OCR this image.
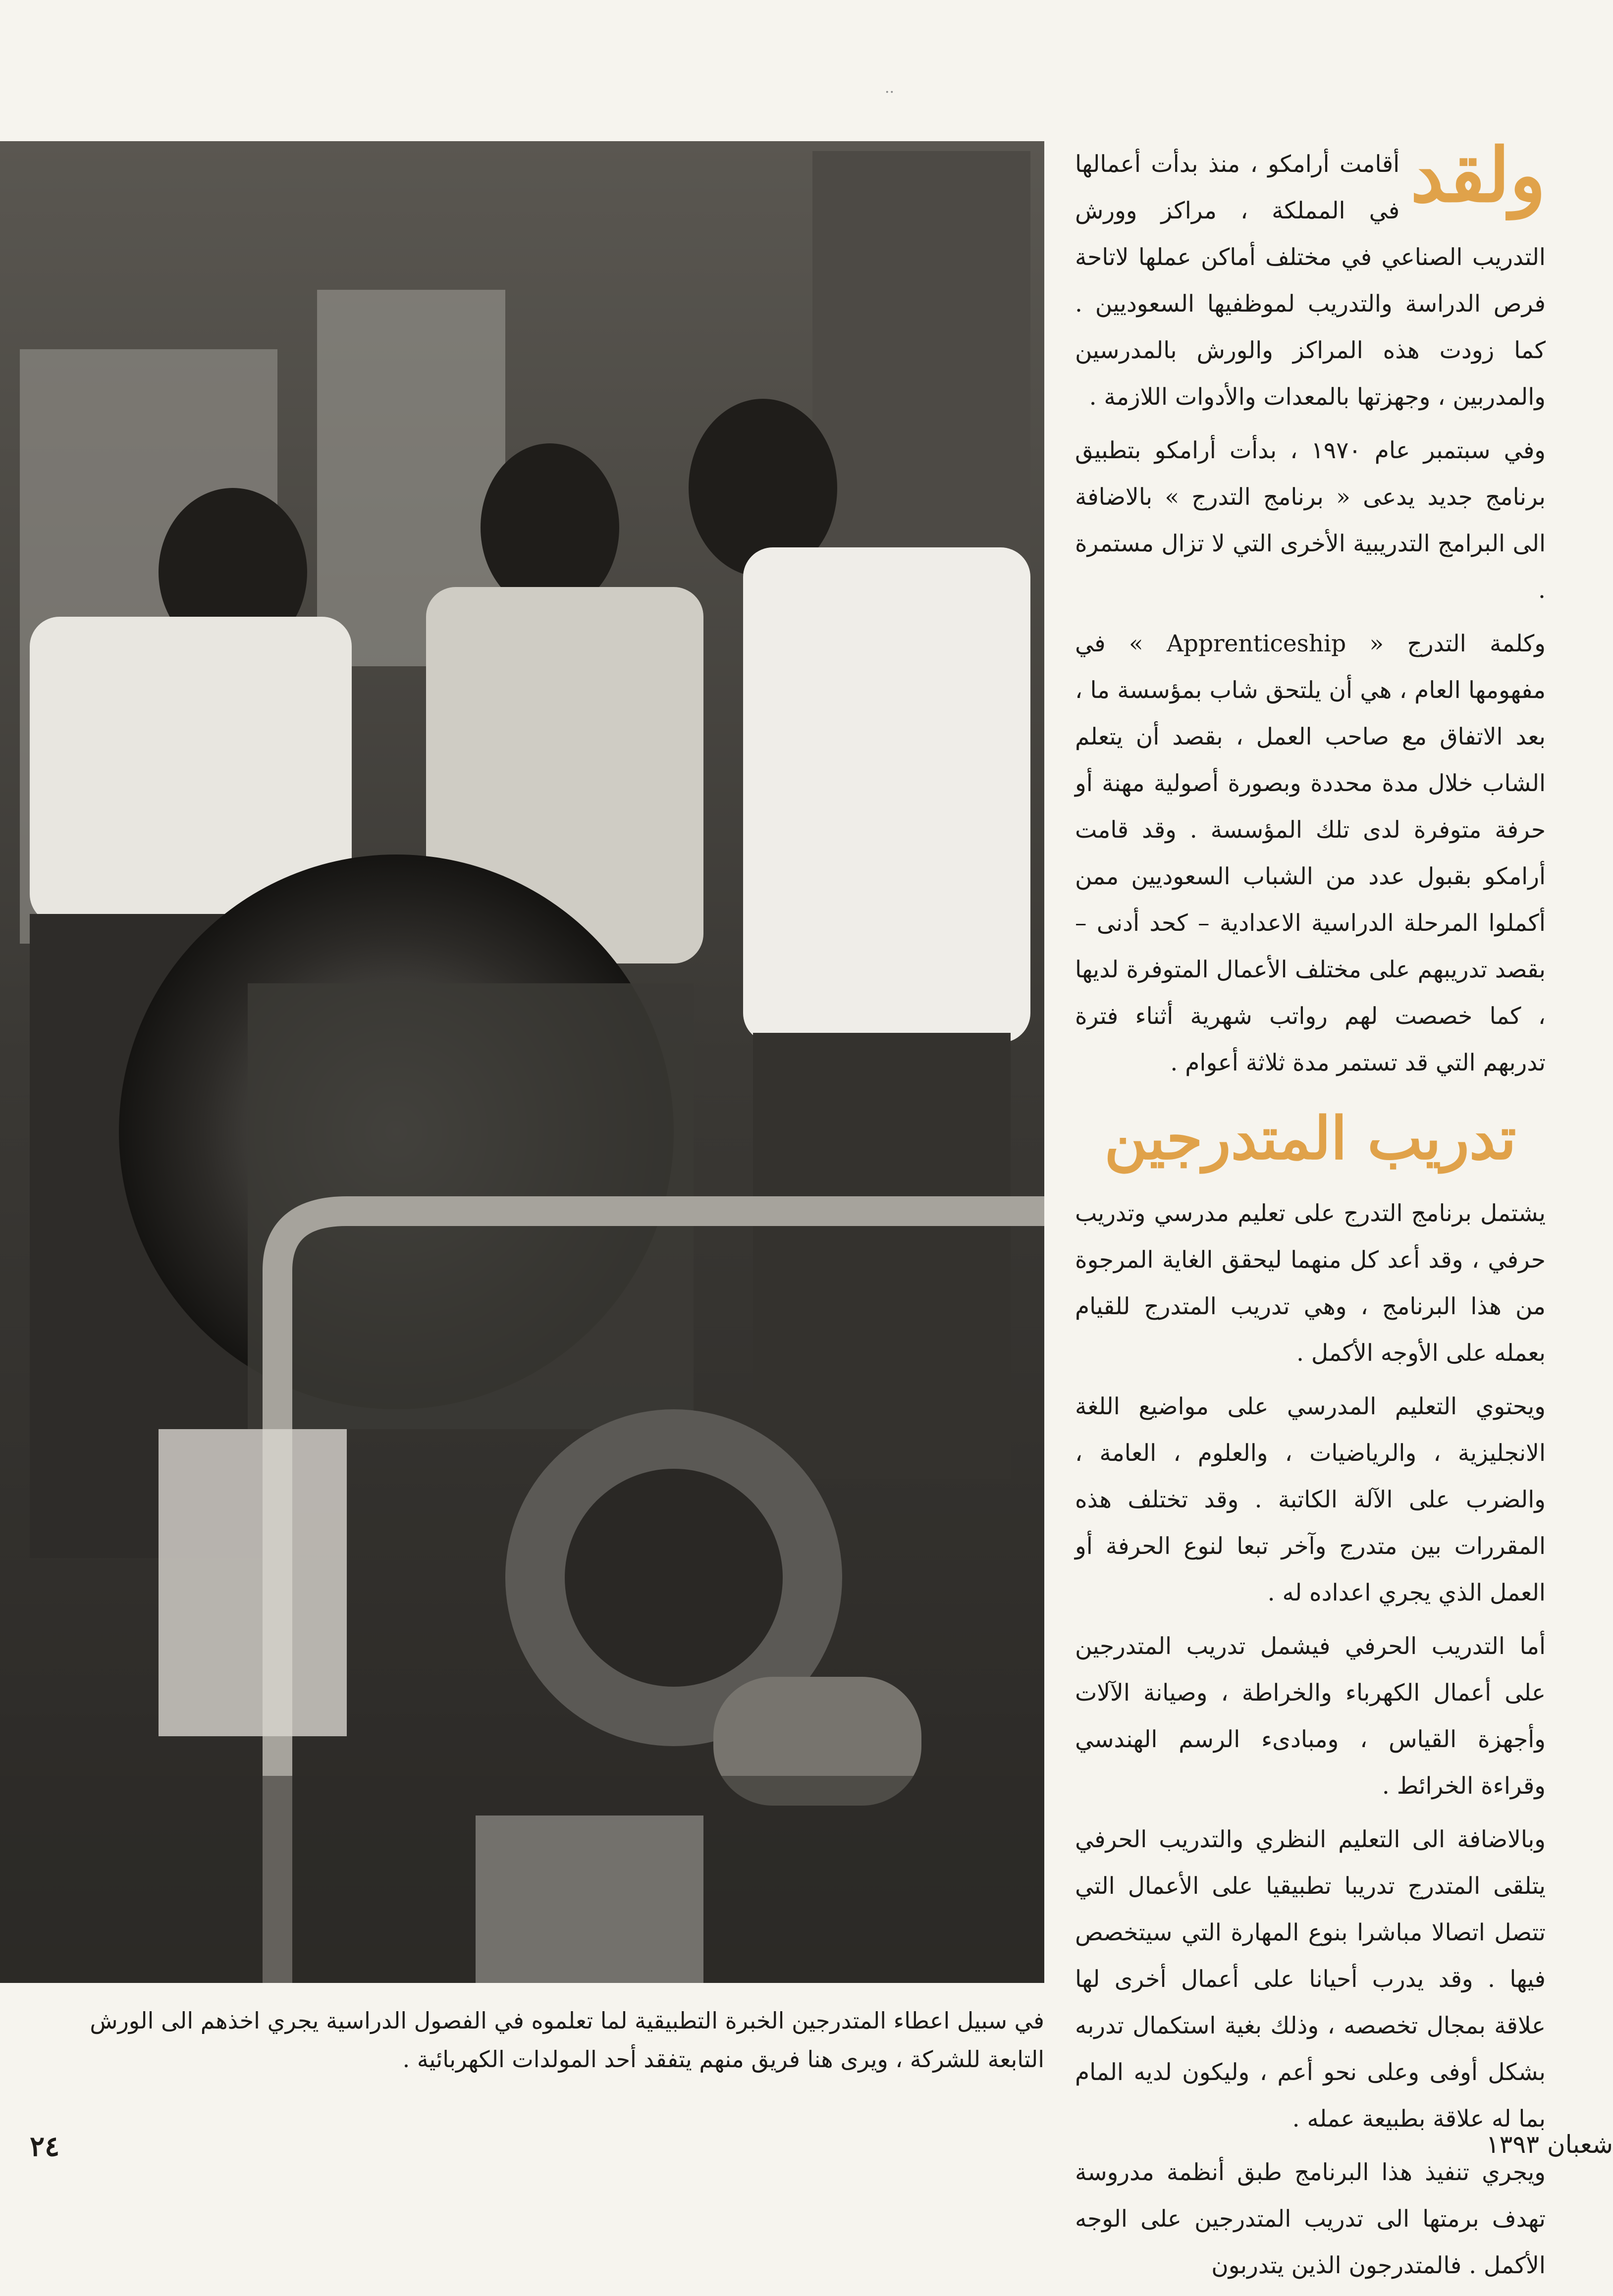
..
في سبيل اعطاء المتدرجين الخبرة التطبيقية لما تعلموه في الفصول الدراسية يجري اخذهم الى الورش التابعة للشركة ، ويرى هنا فريق منهم يتفقد أحد المولدات الكهربائية .

ولقد
أقامت أرامكو ، منذ بدأت أعمالها في المملكة ، مراكز وورش التدريب الصناعي في مختلف أماكن عملها لاتاحة فرص الدراسة والتدريب لموظفيها السعوديين . كما زودت هذه المراكز والورش بالمدرسين والمدربين ، وجهزتها بالمعدات والأدوات اللازمة .

وفي سبتمبر عام ١٩٧٠ ، بدأت أرامكو بتطبيق برنامج جديد يدعى « برنامج التدرج » بالاضافة الى البرامج التدريبية الأخرى التي لا تزال مستمرة .

وكلمة التدرج « Apprenticeship » في مفهومها العام ، هي أن يلتحق شاب بمؤسسة ما ، بعد الاتفاق مع صاحب العمل ، بقصد أن يتعلم الشاب خلال مدة محددة وبصورة أصولية مهنة أو حرفة متوفرة لدى تلك المؤسسة . وقد قامت أرامكو بقبول عدد من الشباب السعوديين ممن أكملوا المرحلة الدراسية الاعدادية – كحد أدنى – بقصد تدريبهم على مختلف الأعمال المتوفرة لديها ، كما خصصت لهم رواتب شهرية أثناء فترة تدربهم التي قد تستمر مدة ثلاثة أعوام .

تدريب المتدرجين

يشتمل برنامج التدرج على تعليم مدرسي وتدريب حرفي ، وقد أعد كل منهما ليحقق الغاية المرجوة من هذا البرنامج ، وهي تدريب المتدرج للقيام بعمله على الأوجه الأكمل .

ويحتوي التعليم المدرسي على مواضيع اللغة الانجليزية ، والرياضيات ، والعلوم ، العامة ، والضرب على الآلة الكاتبة . وقد تختلف هذه المقررات بين متدرج وآخر تبعا لنوع الحرفة أو العمل الذي يجري اعداده له .

أما التدريب الحرفي فيشمل تدريب المتدرجين على أعمال الكهرباء والخراطة ، وصيانة الآلات وأجهزة القياس ، ومبادىء الرسم الهندسي وقراءة الخرائط .

وبالاضافة الى التعليم النظري والتدريب الحرفي يتلقى المتدرج تدريبا تطبيقيا على الأعمال التي تتصل اتصالا مباشرا بنوع المهارة التي سيتخصص فيها . وقد يدرب أحيانا على أعمال أخرى لها علاقة بمجال تخصصه ، وذلك بغية استكمال تدربه بشكل أوفى وعلى نحو أعم ، وليكون لديه المام بما له علاقة بطبيعة عمله .

ويجري تنفيذ هذا البرنامج طبق أنظمة مدروسة تهدف برمتها الى تدريب المتدرجين على الوجه الأكمل . فالمتدرجون الذين يتدربون

٢٤	شعبان ١٣٩٣
